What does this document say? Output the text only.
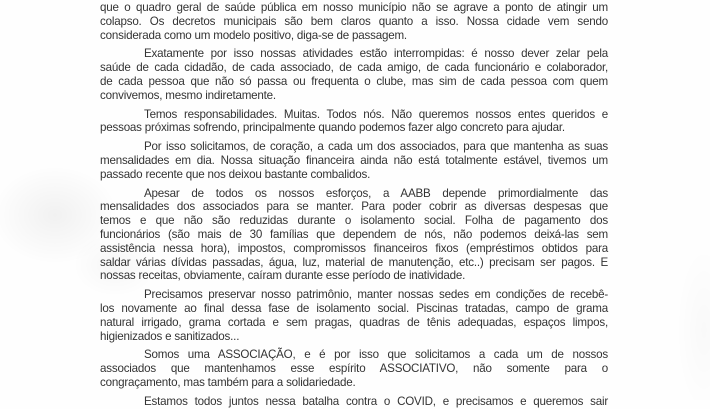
que o quadro geral de saúde pública em nosso município não se agrave a ponto de atingir um
colapso. Os decretos municipais são bem claros quanto a isso. Nossa cidade vem sendo
considerada como um modelo positivo, diga-se de passagem.
Exatamente por isso nossas atividades estão interrompidas: é nosso dever zelar pela
saúde de cada cidadão, de cada associado, de cada amigo, de cada funcionário e colaborador,
de cada pessoa que não só passa ou frequenta o clube, mas sim de cada pessoa com quem
convivemos, mesmo indiretamente.
Temos responsabilidades. Muitas. Todos nós. Não queremos nossos entes queridos e
pessoas próximas sofrendo, principalmente quando podemos fazer algo concreto para ajudar.
Por isso solicitamos, de coração, a cada um dos associados, para que mantenha as suas
mensalidades em dia. Nossa situação financeira ainda não está totalmente estável, tivemos um
passado recente que nos deixou bastante combalidos.
Apesar de todos os nossos esforços, a AABB depende primordialmente das
mensalidades dos associados para se manter. Para poder cobrir as diversas despesas que
temos e que não são reduzidas durante o isolamento social. Folha de pagamento dos
funcionários (são mais de 30 famílias que dependem de nós, não podemos deixá-las sem
assistência nessa hora), impostos, compromissos financeiros fixos (empréstimos obtidos para
saldar várias dívidas passadas, água, luz, material de manutenção, etc..) precisam ser pagos. E
nossas receitas, obviamente, caíram durante esse período de inatividade.
Precisamos preservar nosso patrimônio, manter nossas sedes em condições de recebê-
los novamente ao final dessa fase de isolamento social. Piscinas tratadas, campo de grama
natural irrigado, grama cortada e sem pragas, quadras de tênis adequadas, espaços limpos,
higienizados e sanitizados...
Somos uma ASSOCIAÇÃO, e é por isso que solicitamos a cada um de nossos
associados que mantenhamos esse espírito ASSOCIATIVO, não somente para o
congraçamento, mas também para a solidariedade.
Estamos todos juntos nessa batalha contra o COVID, e precisamos e queremos sair
